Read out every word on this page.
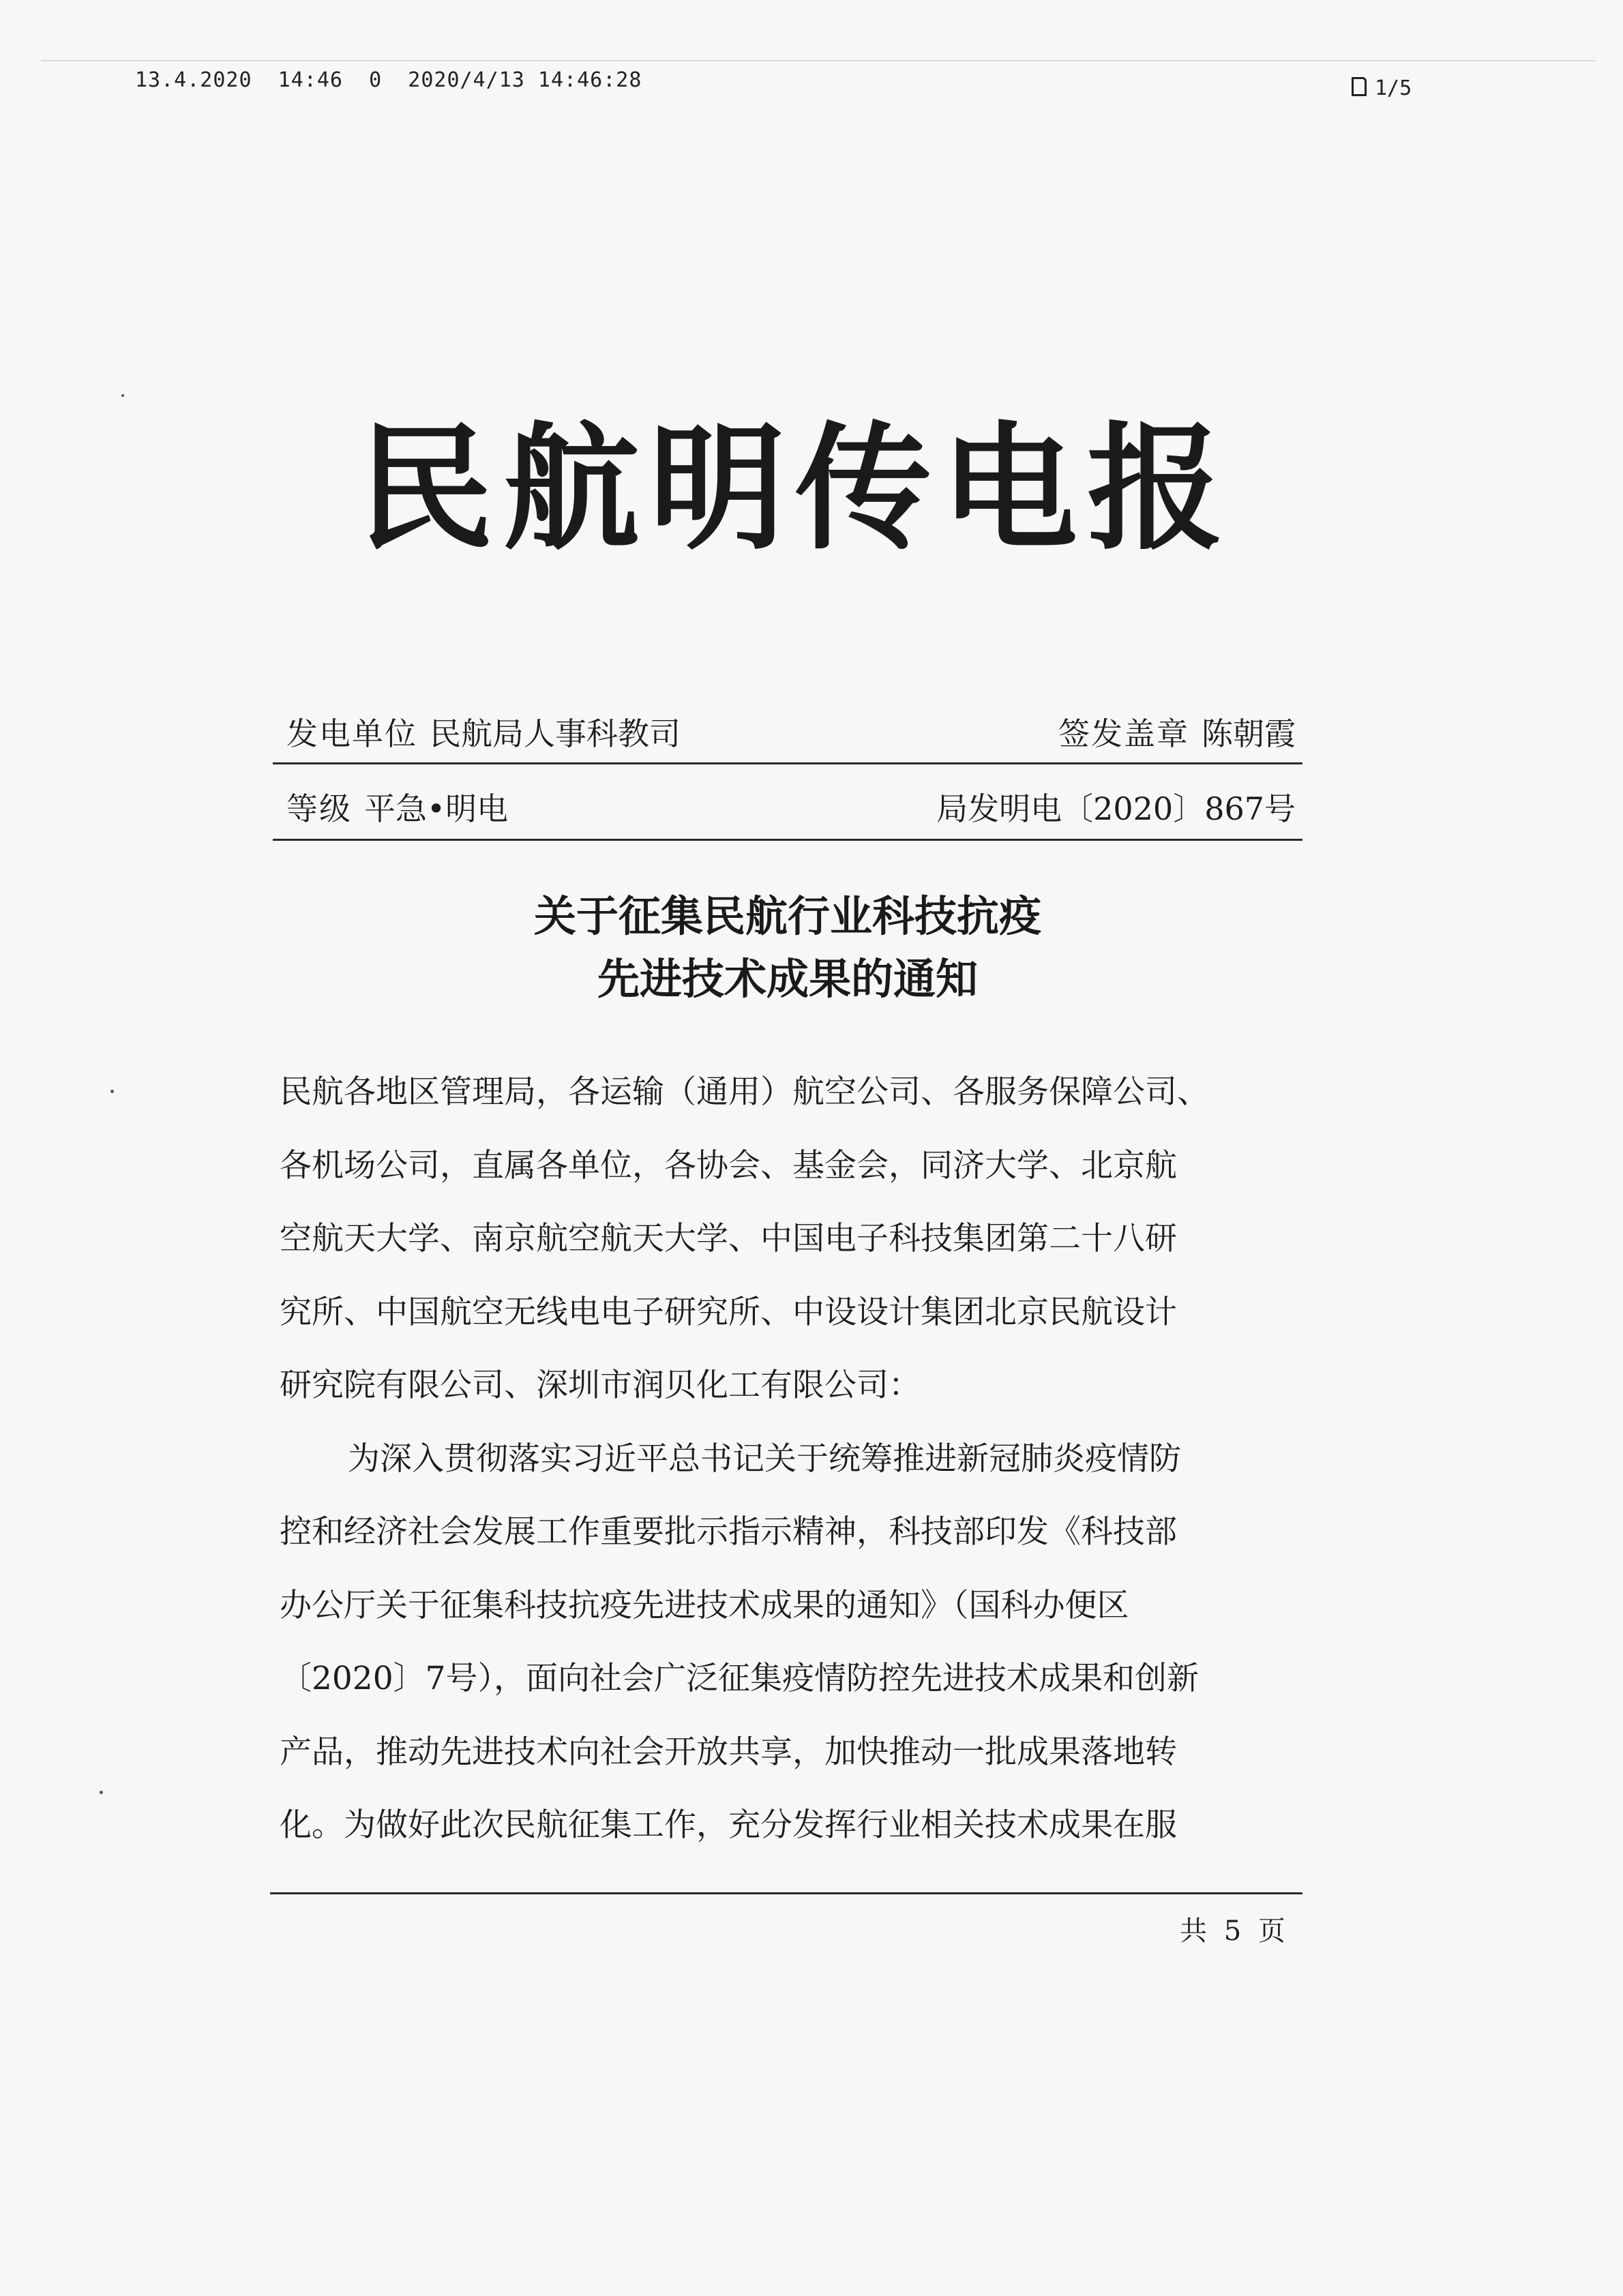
13.4.2020  14:46  0  2020/4/13 14:46:28	1/5
民航明传电报
发电单位 民航局人事科教司	签发盖章 陈朝霞
等级 平急•明电	局发明电〔2020〕867号
关于征集民航行业科技抗疫
先进技术成果的通知
民航各地区管理局，各运输（通用）航空公司、各服务保障公司、
各机场公司，直属各单位，各协会、基金会，同济大学、北京航
空航天大学、南京航空航天大学、中国电子科技集团第二十八研
究所、中国航空无线电电子研究所、中设设计集团北京民航设计
研究院有限公司、深圳市润贝化工有限公司：
为深入贯彻落实习近平总书记关于统筹推进新冠肺炎疫情防
控和经济社会发展工作重要批示指示精神，科技部印发《科技部
办公厅关于征集科技抗疫先进技术成果的通知》（国科办便区
〔2020〕7号），面向社会广泛征集疫情防控先进技术成果和创新
产品，推动先进技术向社会开放共享，加快推动一批成果落地转
化。为做好此次民航征集工作，充分发挥行业相关技术成果在服
共 5 页
